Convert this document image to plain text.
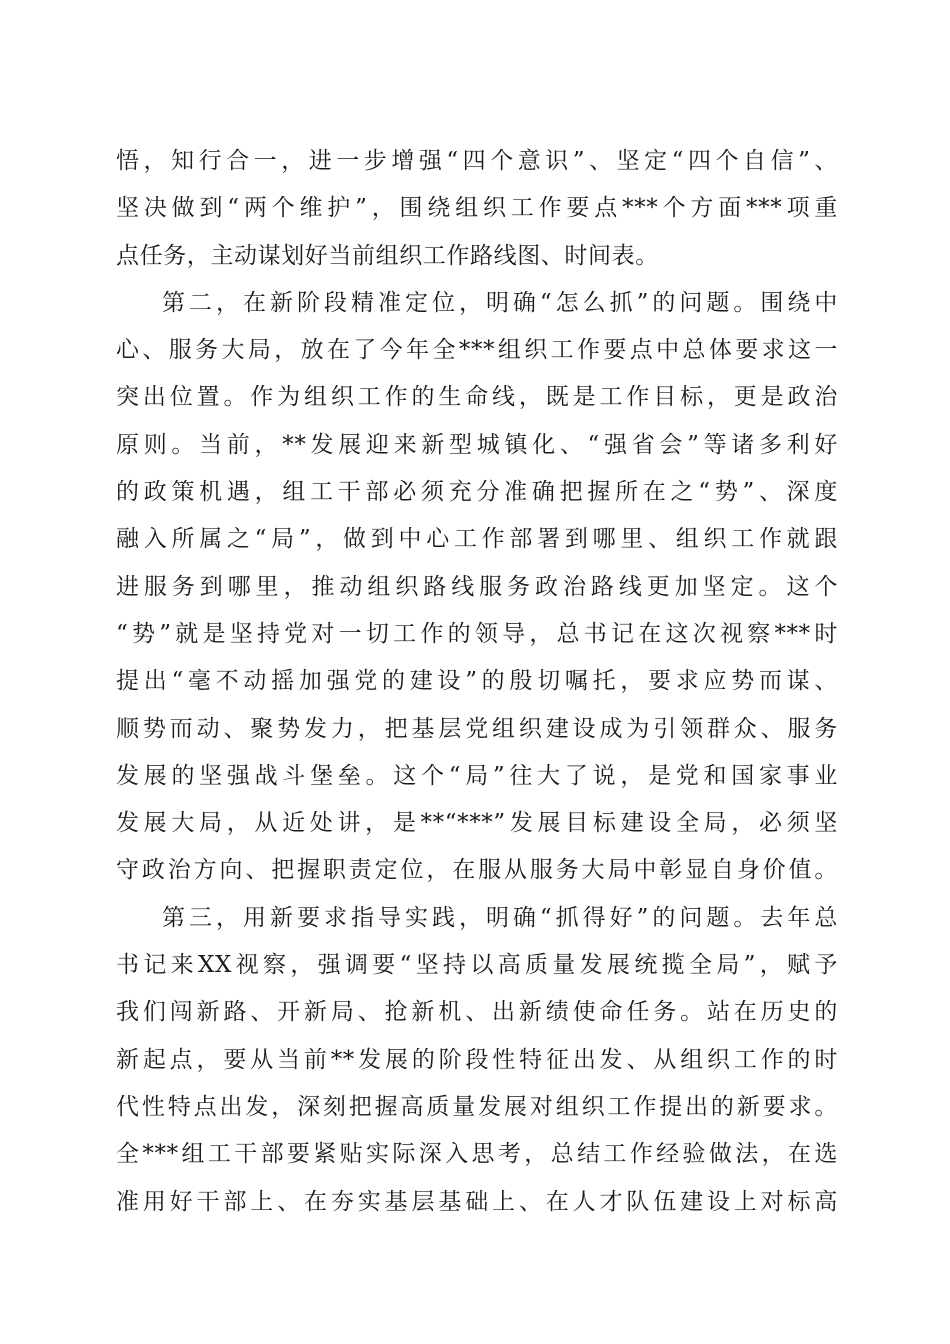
悟，知行合一，进一步增强“四个意识”、坚定“四个自信”、
坚决做到“两个维护”，围绕组织工作要点***个方面***项重
点任务，主动谋划好当前组织工作路线图、时间表。
第二，在新阶段精准定位，明确“怎么抓”的问题。围绕中
心、服务大局，放在了今年全***组织工作要点中总体要求这一
突出位置。作为组织工作的生命线，既是工作目标，更是政治
原则。当前，**发展迎来新型城镇化、“强省会”等诸多利好
的政策机遇，组工干部必须充分准确把握所在之“势”、深度
融入所属之“局”，做到中心工作部署到哪里、组织工作就跟
进服务到哪里，推动组织路线服务政治路线更加坚定。这个
“势”就是坚持党对一切工作的领导，总书记在这次视察***时
提出“毫不动摇加强党的建设”的殷切嘱托，要求应势而谋、
顺势而动、聚势发力，把基层党组织建设成为引领群众、服务
发展的坚强战斗堡垒。这个“局”往大了说，是党和国家事业
发展大局，从近处讲，是**“***”发展目标建设全局，必须坚
守政治方向、把握职责定位，在服从服务大局中彰显自身价值。
第三，用新要求指导实践，明确“抓得好”的问题。去年总
书记来XX视察，强调要“坚持以高质量发展统揽全局”，赋予
我们闯新路、开新局、抢新机、出新绩使命任务。站在历史的
新起点，要从当前**发展的阶段性特征出发、从组织工作的时
代性特点出发，深刻把握高质量发展对组织工作提出的新要求。
全***组工干部要紧贴实际深入思考，总结工作经验做法，在选
准用好干部上、在夯实基层基础上、在人才队伍建设上对标高
